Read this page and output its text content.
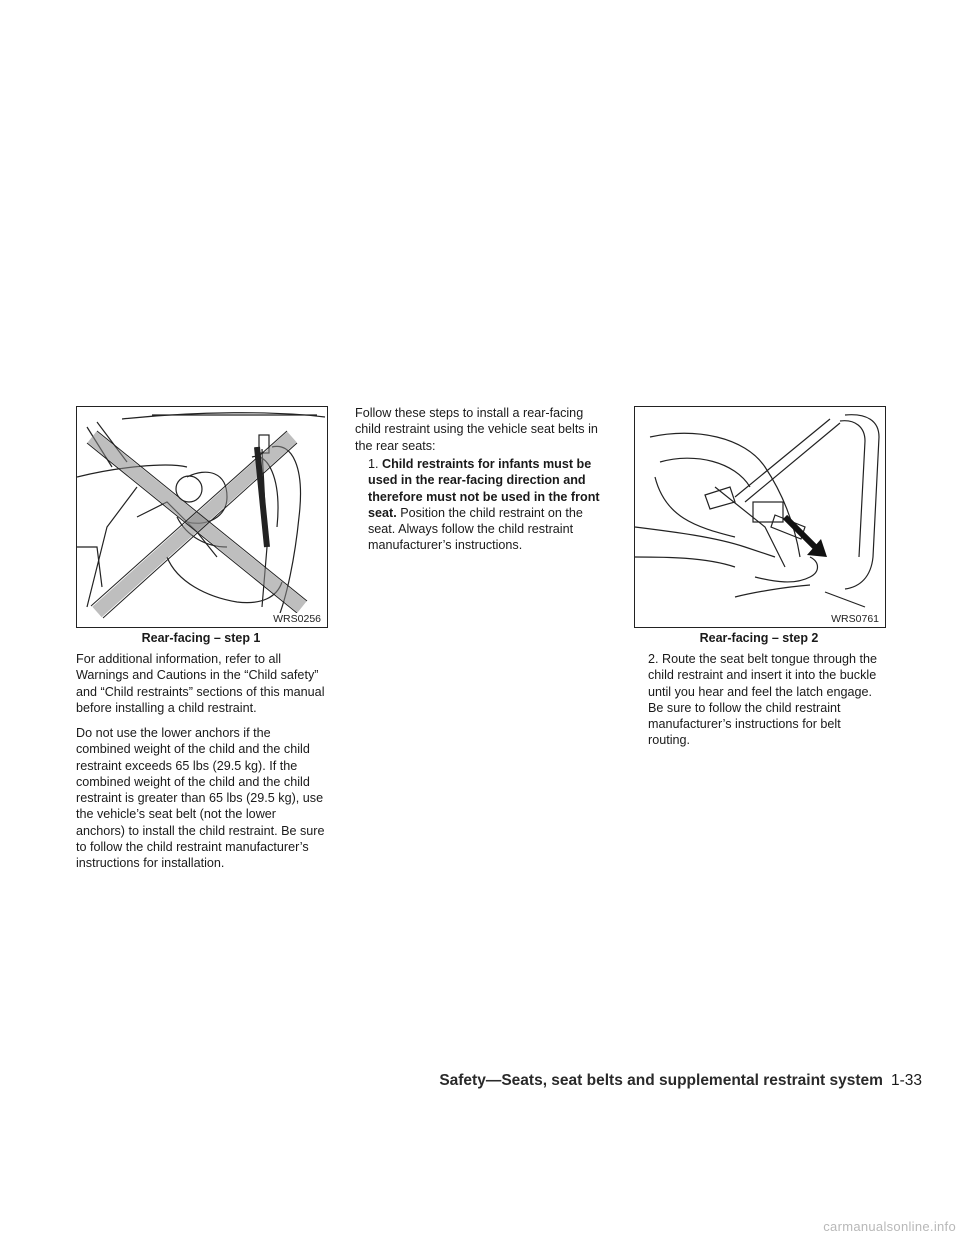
WRS0256
Rear-facing – step 1
WRS0761
Rear-facing – step 2

For additional information, refer to all Warnings and Cautions in the “Child safety” and “Child restraints” sections of this manual before installing a child restraint.

Do not use the lower anchors if the combined weight of the child and the child restraint exceeds 65 lbs (29.5 kg). If the combined weight of the child and the child restraint is greater than 65 lbs (29.5 kg), use the vehicle’s seat belt (not the lower anchors) to install the child restraint. Be sure to follow the child restraint manufacturer’s instructions for installation.

Follow these steps to install a rear-facing child restraint using the vehicle seat belts in the rear seats:

1. Child restraints for infants must be used in the rear-facing direction and therefore must not be used in the front seat. Position the child restraint on the seat. Always follow the child restraint manufacturer’s instructions.
2. Route the seat belt tongue through the child restraint and insert it into the buckle until you hear and feel the latch engage. Be sure to follow the child restraint manufacturer’s instructions for belt routing.
Safety—Seats, seat belts and supplemental restraint system 1-33
carmanualsonline.info
